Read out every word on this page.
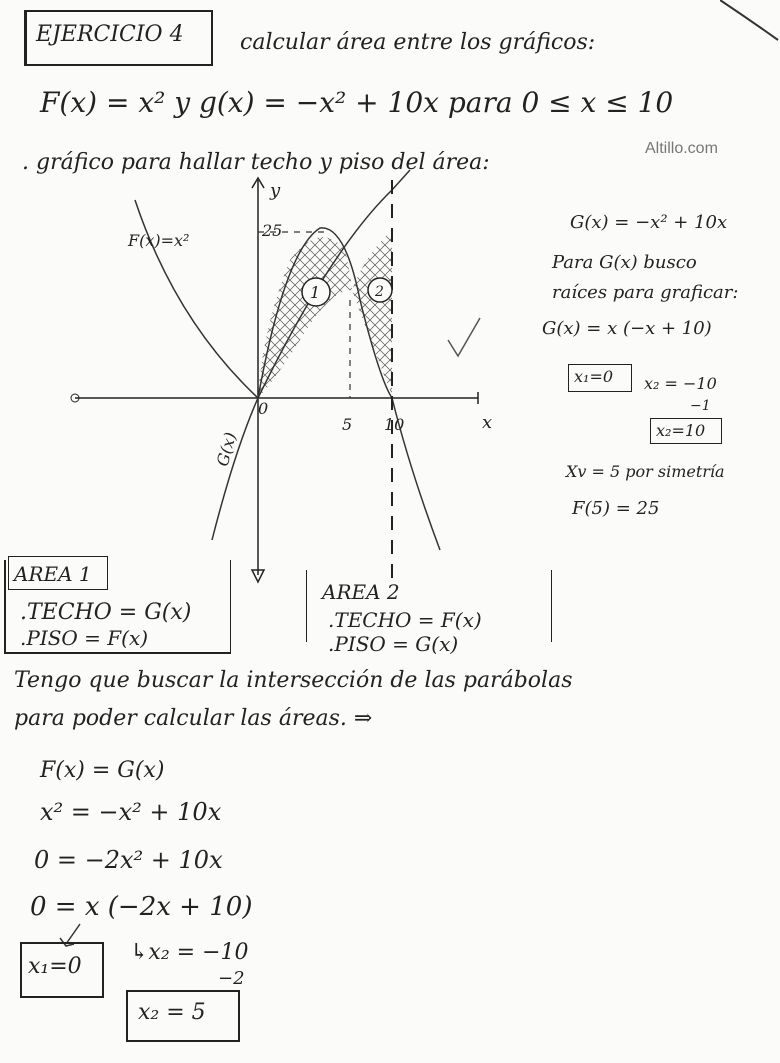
EJERCICIO 4	calcular área entre los gráficos:
F(x) = x² y g(x) = −x² + 10x para 0 ≤ x ≤ 10
. gráfico para hallar techo y piso del área:
Altillo.com
y
x
25
0
5 10
F(x)=x²
G(x)
1	2
G(x) = −x² + 10x
Para G(x) busco
raíces para graficar:
G(x) = x (−x + 10)
x₁=0 x₂ = −10
−1
x₂=10
Xv = 5 por simetría
F(5) = 25
AREA 1
.TECHO = G(x)
.PISO = F(x)
AREA 2
.TECHO = F(x)
.PISO = G(x)
Tengo que buscar la intersección de las parábolas
para poder calcular las áreas. ⇒
F(x) = G(x)
x² = −x² + 10x
0 = −2x² + 10x
0 = x (−2x + 10)
x₁=0
↳x₂ = −10
−2
x₂ = 5
